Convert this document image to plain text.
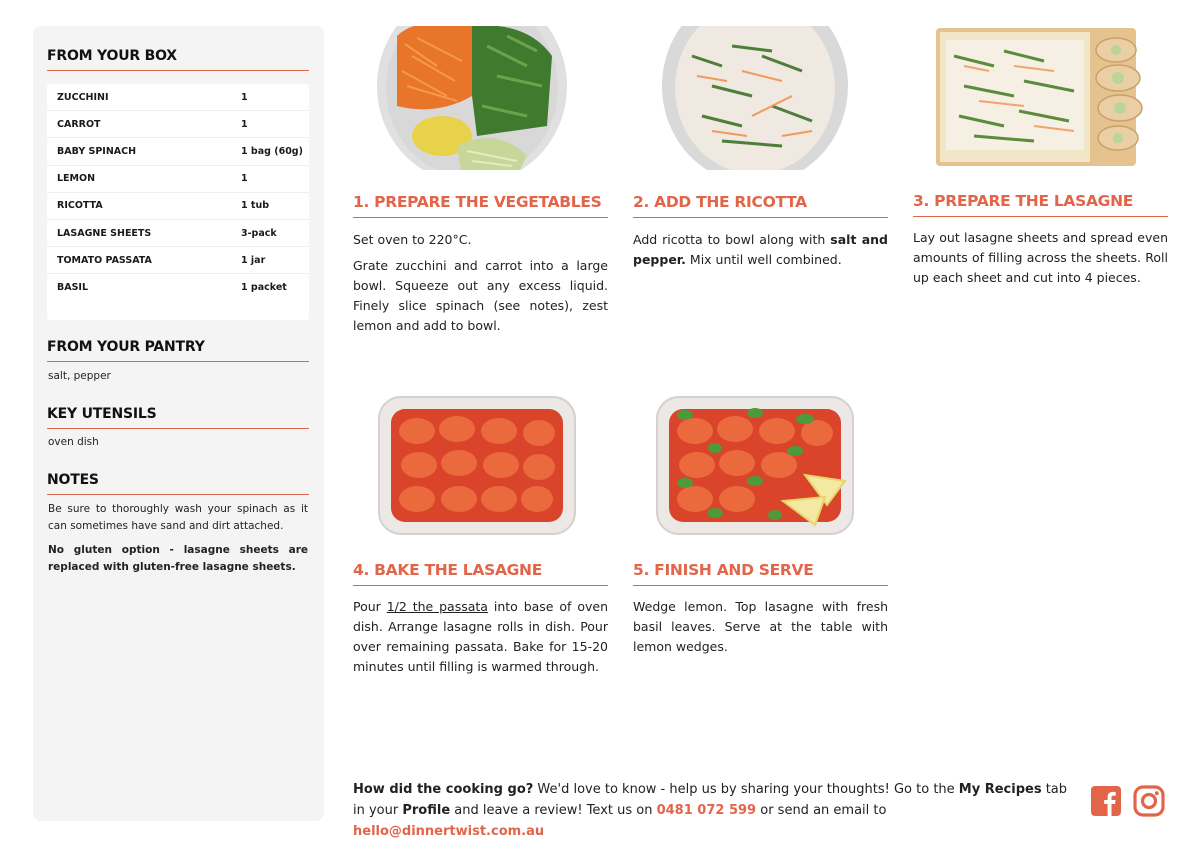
FROM YOUR BOX
ZUCCHINI	1
CARROT	1
BABY SPINACH	1 bag (60g)
LEMON	1
RICOTTA	1 tub
LASAGNE SHEETS	3-pack
TOMATO PASSATA	1 jar
BASIL	1 packet
FROM YOUR PANTRY

salt, pepper

KEY UTENSILS

oven dish

NOTES

Be sure to thoroughly wash your spinach as it can sometimes have sand and dirt attached.

No gluten option - lasagne sheets are replaced with gluten-free lasagne sheets.

1. PREPARE THE VEGETABLES

Set oven to 220°C.

Grate zucchini and carrot into a large bowl. Squeeze out any excess liquid. Finely slice spinach (see notes), zest lemon and add to bowl.

2. ADD THE RICOTTA

Add ricotta to bowl along with salt and pepper. Mix until well combined.

3. PREPARE THE LASAGNE

Lay out lasagne sheets and spread even amounts of filling across the sheets. Roll up each sheet and cut into 4 pieces.

4. BAKE THE LASAGNE

Pour 1/2 the passata into base of oven dish. Arrange lasagne rolls in dish. Pour over remaining passata. Bake for 15-20 minutes until filling is warmed through.

5. FINISH AND SERVE

Wedge lemon. Top lasagne with fresh basil leaves. Serve at the table with lemon wedges.

How did the cooking go? We'd love to know - help us by sharing your thoughts! Go to the My Recipes tab in your Profile and leave a review! Text us on 0481 072 599 or send an email to hello@dinnertwist.com.au
